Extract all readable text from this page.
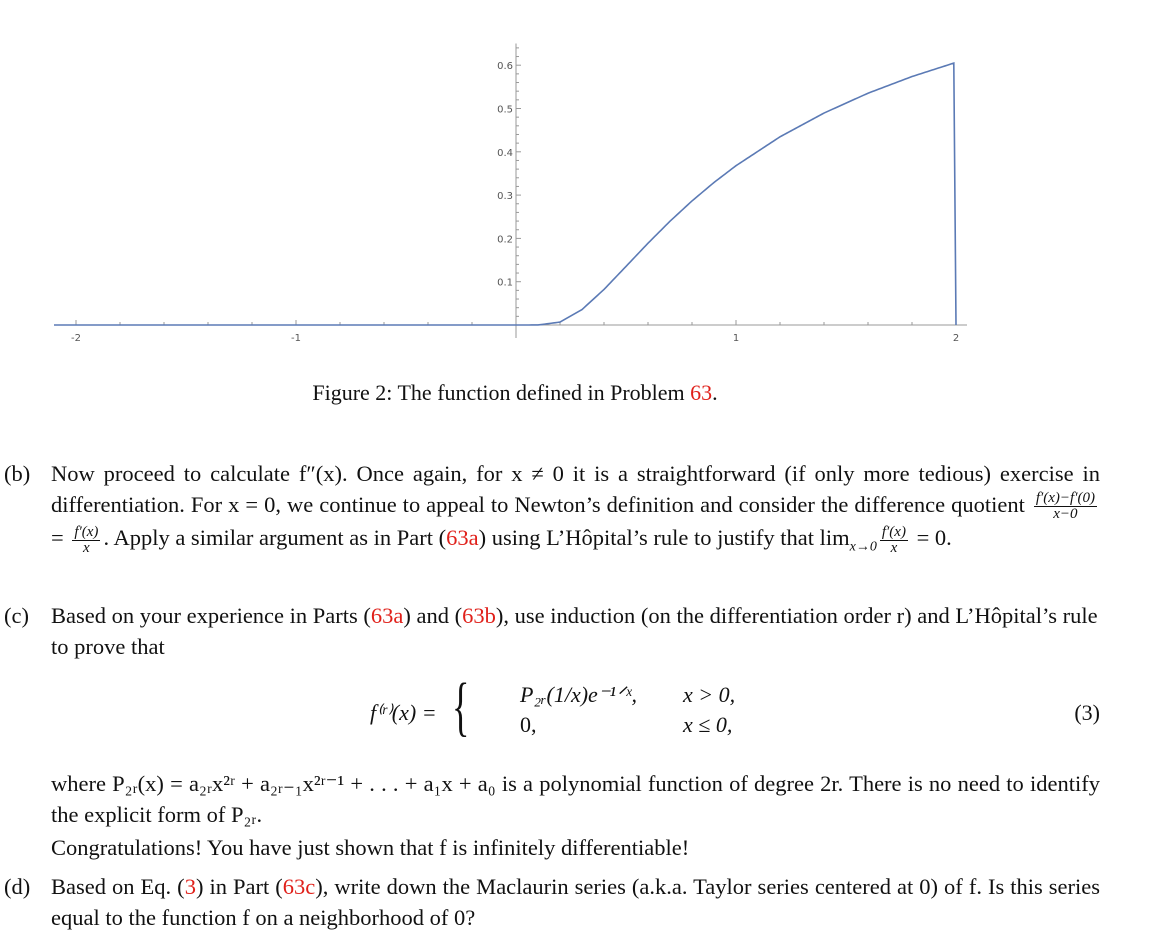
-2	-1	1	2
0.1
0.2
0.3
0.4
0.5
0.6
Figure 2: The function defined in Problem 63.
(b) Now proceed to calculate f″(x). Once again, for x ≠ 0 it is a straightforward (if only more tedious) exercise in differentiation. For x = 0, we continue to appeal to Newton’s definition and consider the difference quotient $\frac{f'(x)-f'(0)}{x-0}$
= $\frac{f'(x)}{x}$ . Apply a similar argument as in Part (63a) using L’Hôpital’s rule to justify that $\lim_{x\to 0} \frac{f'(x)}{x} = 0$.
(c) Based on your experience in Parts (63a) and (63b), use induction (on the differentiation order r) and L’Hôpital’s rule to prove that
f⁽ʳ⁾(x) = { P₂ᵣ(1/x)e⁻¹ᐟˣ, x > 0,
0,	x ≤ 0,	(3)
where P₂ᵣ(x) = a₂ᵣx²ʳ + a₂ᵣ₋₁x²ʳ⁻¹ + . . . + a₁x + a₀ is a polynomial function of degree 2r. There is no need to identify the explicit form of P₂ᵣ.
Congratulations! You have just shown that f is infinitely differentiable!
(d) Based on Eq. (3) in Part (63c), write down the Maclaurin series (a.k.a. Taylor series centered at 0) of f. Is this series equal to the function f on a neighborhood of 0?
